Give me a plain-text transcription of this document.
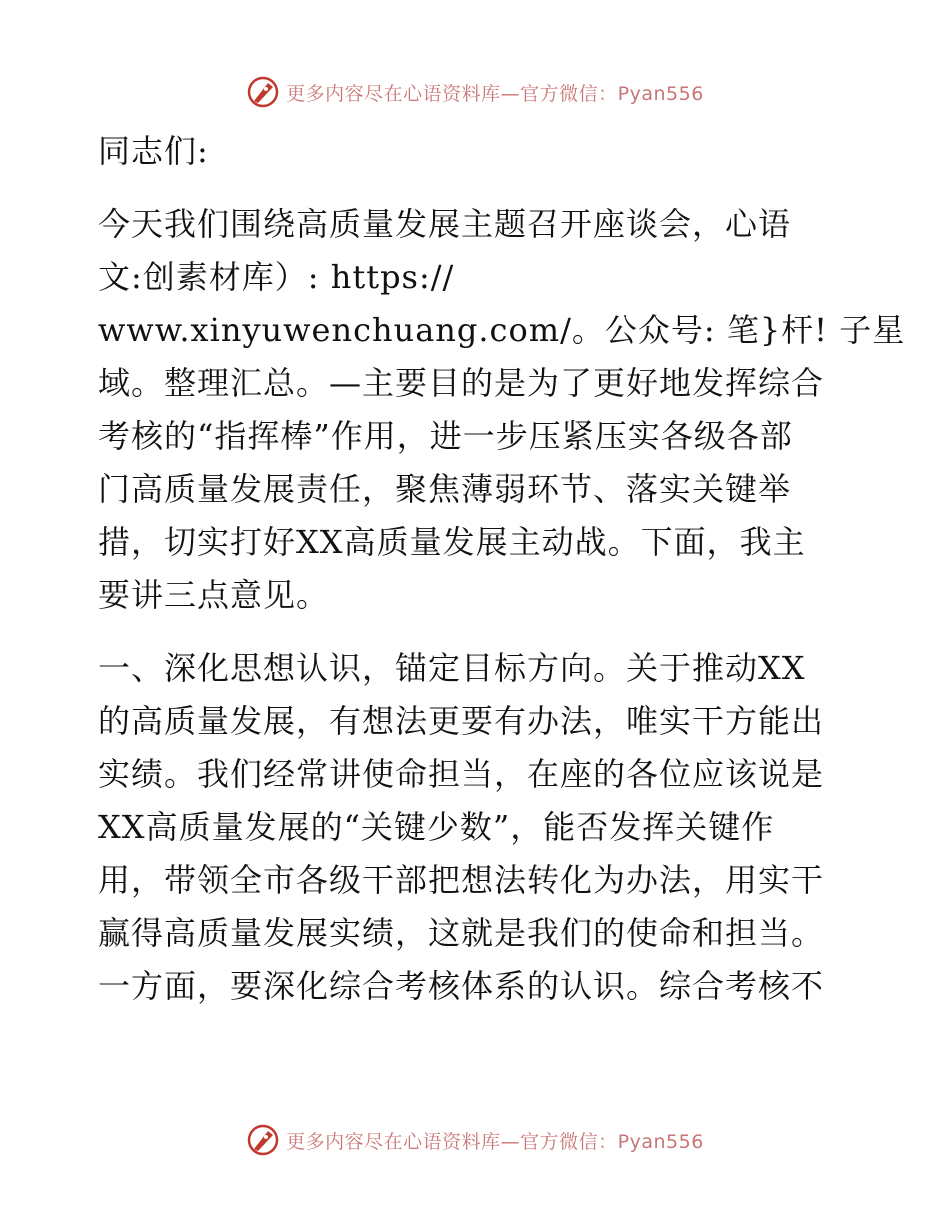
更多内容尽在心语资料库—官方微信：Pyan556
同志们:
今天我们围绕高质量发展主题召开座谈会，心语
文:创素材库）: https://
www.xinyuwenchuang.com/。公众号: 笔}杆! 子星
域。整理汇总。—主要目的是为了更好地发挥综合
考核的“指挥棒”作用，进一步压紧压实各级各部
门高质量发展责任，聚焦薄弱环节、落实关键举
措，切实打好XX高质量发展主动战。下面，我主
要讲三点意见。
一、深化思想认识，锚定目标方向。关于推动XX
的高质量发展，有想法更要有办法，唯实干方能出
实绩。我们经常讲使命担当，在座的各位应该说是
XX高质量发展的“关键少数”，能否发挥关键作
用，带领全市各级干部把想法转化为办法，用实干
赢得高质量发展实绩，这就是我们的使命和担当。
一方面，要深化综合考核体系的认识。综合考核不
更多内容尽在心语资料库—官方微信：Pyan556
